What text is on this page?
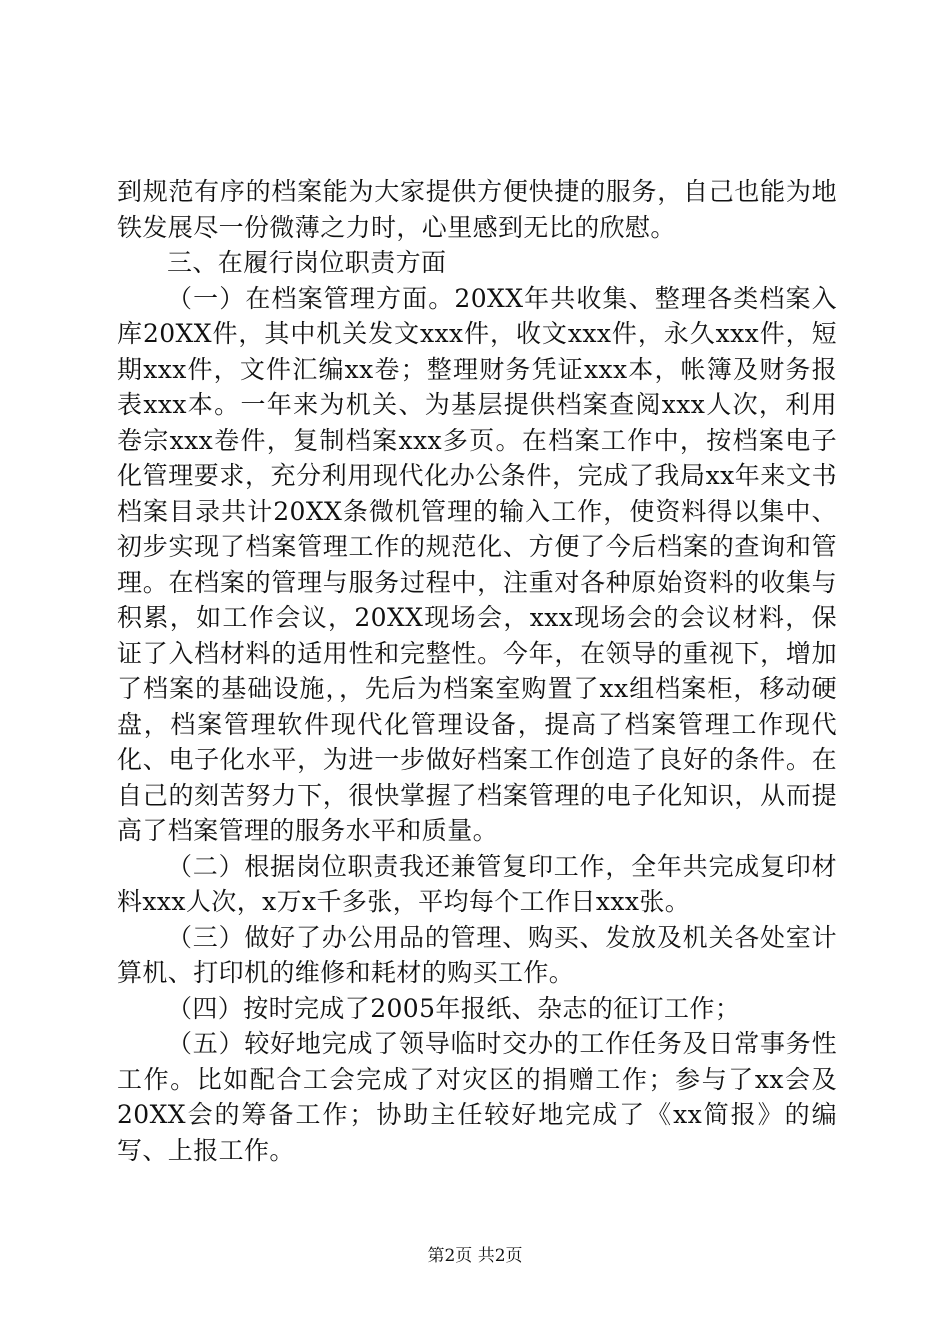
到规范有序的档案能为大家提供方便快捷的服务，自己也能为地铁发展尽一份微薄之力时，心里感到无比的欣慰。

三、在履行岗位职责方面

（一）在档案管理方面。20XX年共收集、整理各类档案入库20XX件，其中机关发文xxx件，收文xxx件，永久xxx件，短期xxx件，文件汇编xx卷；整理财务凭证xxx本，帐簿及财务报表xxx本。一年来为机关、为基层提供档案查阅xxx人次，利用卷宗xxx卷件，复制档案xxx多页。在档案工作中，按档案电子化管理要求，充分利用现代化办公条件，完成了我局xx年来文书档案目录共计20XX条微机管理的输入工作，使资料得以集中、初步实现了档案管理工作的规范化、方便了今后档案的查询和管理。在档案的管理与服务过程中，注重对各种原始资料的收集与积累，如工作会议，20XX现场会，xxx现场会的会议材料，保证了入档材料的适用性和完整性。今年，在领导的重视下，增加了档案的基础设施，，先后为档案室购置了xx组档案柜，移动硬盘，档案管理软件现代化管理设备，提高了档案管理工作现代化、电子化水平，为进一步做好档案工作创造了良好的条件。在自己的刻苦努力下，很快掌握了档案管理的电子化知识，从而提高了档案管理的服务水平和质量。

（二）根据岗位职责我还兼管复印工作，全年共完成复印材料xxx人次，x万x千多张，平均每个工作日xxx张。

（三）做好了办公用品的管理、购买、发放及机关各处室计算机、打印机的维修和耗材的购买工作。

（四）按时完成了2005年报纸、杂志的征订工作；

（五）较好地完成了领导临时交办的工作任务及日常事务性工作。比如配合工会完成了对灾区的捐赠工作；参与了xx会及20XX会的筹备工作；协助主任较好地完成了《xx简报》的编写、上报工作。

第2页 共2页
